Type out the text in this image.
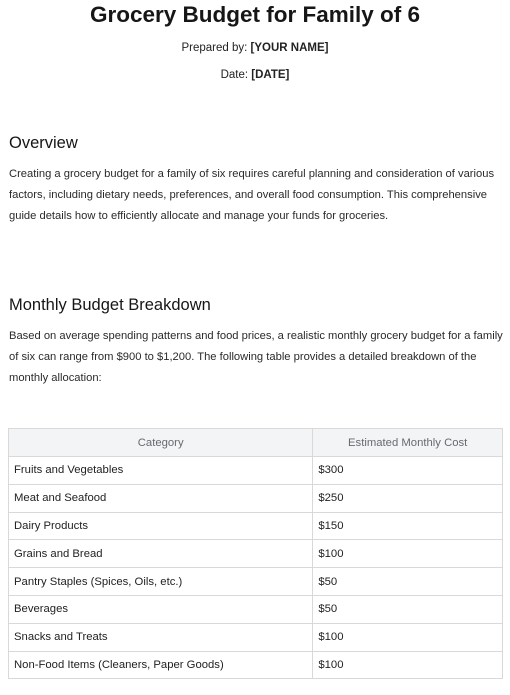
Grocery Budget for Family of 6
Prepared by: [YOUR NAME]
Date: [DATE]
Overview

Creating a grocery budget for a family of six requires careful planning and consideration of various factors, including dietary needs, preferences, and overall food consumption. This comprehensive guide details how to efficiently allocate and manage your funds for groceries.

Monthly Budget Breakdown

Based on average spending patterns and food prices, a realistic monthly grocery budget for a family of six can range from $900 to $1,200. The following table provides a detailed breakdown of the monthly allocation:

Category	Estimated Monthly Cost
Fruits and Vegetables	$300
Meat and Seafood	$250
Dairy Products	$150
Grains and Bread	$100
Pantry Staples (Spices, Oils, etc.)	$50
Beverages	$50
Snacks and Treats	$100
Non-Food Items (Cleaners, Paper Goods)	$100
